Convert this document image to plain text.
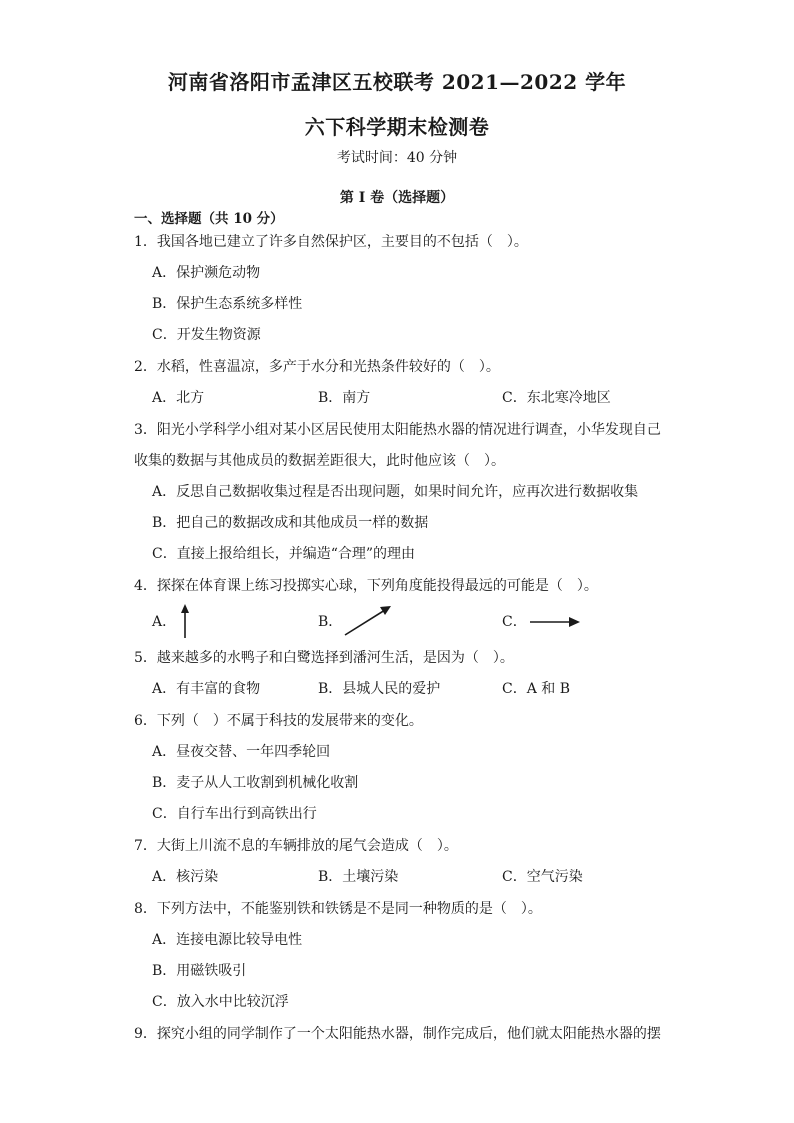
河南省洛阳市孟津区五校联考 2021—2022 学年
六下科学期末检测卷
考试时间：40 分钟
第 I 卷（选择题）
一、选择题（共 10 分）
1．我国各地已建立了许多自然保护区，主要目的不包括（　）。
A．保护濒危动物
B．保护生态系统多样性
C．开发生物资源
2．水稻，性喜温凉，多产于水分和光热条件较好的（　）。
A．北方	B．南方	C．东北寒冷地区
3．阳光小学科学小组对某小区居民使用太阳能热水器的情况进行调查，小华发现自己
收集的数据与其他成员的数据差距很大，此时他应该（　）。
A．反思自己数据收集过程是否出现问题，如果时间允许，应再次进行数据收集
B．把自己的数据改成和其他成员一样的数据
C．直接上报给组长，并编造“合理”的理由
4．探探在体育课上练习投掷实心球，下列角度能投得最远的可能是（　）。
A．	B．	C．
5．越来越多的水鸭子和白鹭选择到潘河生活，是因为（　）。
A．有丰富的食物	B．县城人民的爱护	C．A 和 B
6．下列（　）不属于科技的发展带来的变化。
A．昼夜交替、一年四季轮回
B．麦子从人工收割到机械化收割
C．自行车出行到高铁出行
7．大街上川流不息的车辆排放的尾气会造成（　）。
A．核污染	B．土壤污染	C．空气污染
8．下列方法中，不能鉴别铁和铁锈是不是同一种物质的是（　）。
A．连接电源比较导电性
B．用磁铁吸引
C．放入水中比较沉浮
9．探究小组的同学制作了一个太阳能热水器，制作完成后，他们就太阳能热水器的摆
